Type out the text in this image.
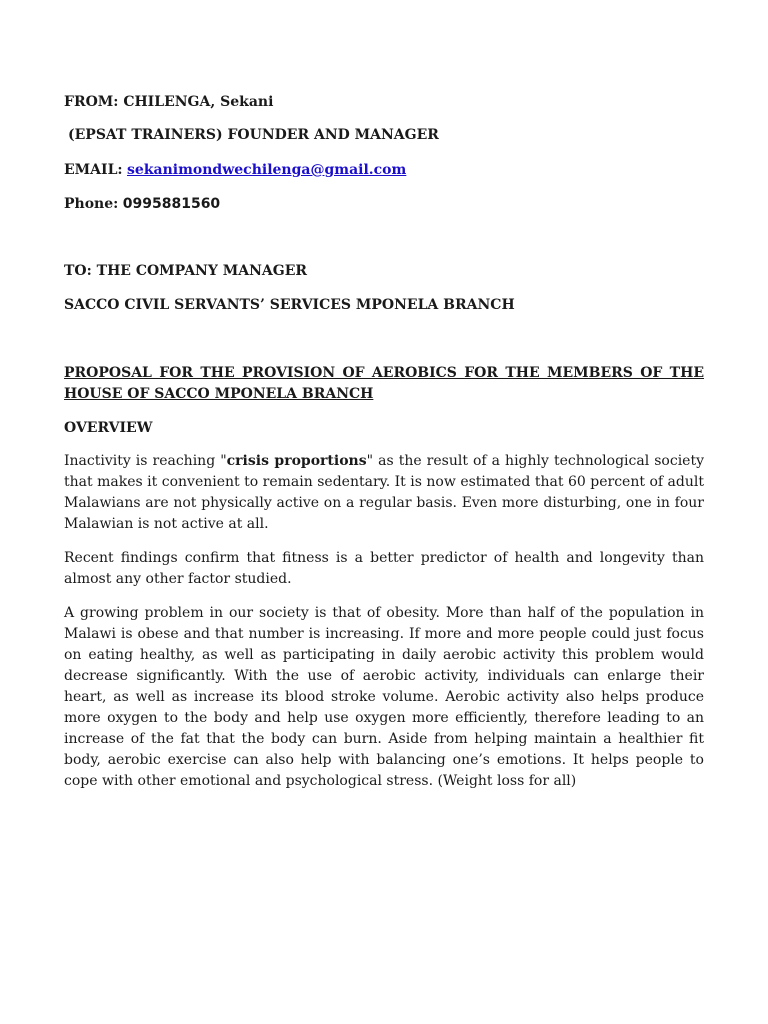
FROM: CHILENGA, Sekani
(EPSAT TRAINERS) FOUNDER AND MANAGER
EMAIL: sekanimondwechilenga@gmail.com
Phone: 0995881560
TO: THE COMPANY MANAGER
SACCO CIVIL SERVANTS’ SERVICES MPONELA BRANCH
PROPOSAL FOR THE PROVISION OF AEROBICS FOR THE MEMBERS OF THE HOUSE OF SACCO MPONELA BRANCH
OVERVIEW
Inactivity is reaching "crisis proportions" as the result of a highly technological society that makes it convenient to remain sedentary. It is now estimated that 60 percent of adult Malawians are not physically active on a regular basis. Even more disturbing, one in four Malawian is not active at all.
Recent findings confirm that fitness is a better predictor of health and longevity than almost any other factor studied.
A growing problem in our society is that of obesity. More than half of the population in Malawi is obese and that number is increasing. If more and more people could just focus on eating healthy, as well as participating in daily aerobic activity this problem would decrease significantly. With the use of aerobic activity, individuals can enlarge their heart, as well as increase its blood stroke volume. Aerobic activity also helps produce more oxygen to the body and help use oxygen more efficiently, therefore leading to an increase of the fat that the body can burn. Aside from helping maintain a healthier fit body, aerobic exercise can also help with balancing one’s emotions. It helps people to cope with other emotional and psychological stress. (Weight loss for all)
